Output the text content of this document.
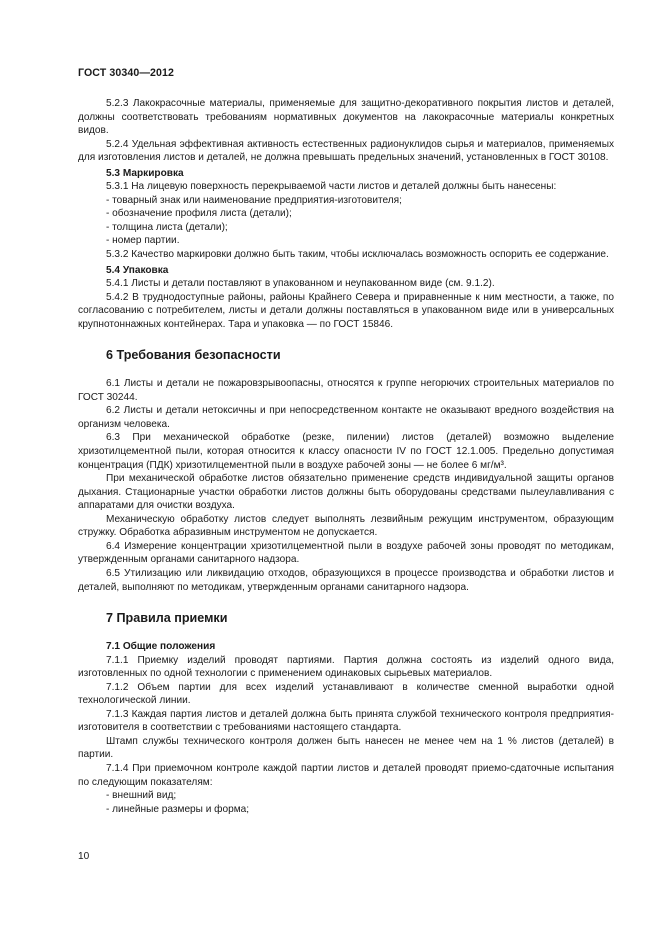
ГОСТ 30340—2012
5.2.3 Лакокрасочные материалы, применяемые для защитно-декоративного покрытия листов и деталей, должны соответствовать требованиям нормативных документов на лакокрасочные материалы конкретных видов.
5.2.4 Удельная эффективная активность естественных радионуклидов сырья и материалов, применяемых для изготовления листов и деталей, не должна превышать предельных значений, установленных в ГОСТ 30108.
5.3 Маркировка
5.3.1 На лицевую поверхность перекрываемой части листов и деталей должны быть нанесены:
- товарный знак или наименование предприятия-изготовителя;
- обозначение профиля листа (детали);
- толщина листа (детали);
- номер партии.
5.3.2 Качество маркировки должно быть таким, чтобы исключалась возможность оспорить ее содержание.
5.4 Упаковка
5.4.1 Листы и детали поставляют в упакованном и неупакованном виде (см. 9.1.2).
5.4.2 В труднодоступные районы, районы Крайнего Севера и приравненные к ним местности, а также, по согласованию с потребителем, листы и детали должны поставляться в упакованном виде или в универсальных крупнотоннажных контейнерах. Тара и упаковка — по ГОСТ 15846.
6 Требования безопасности
6.1 Листы и детали не пожаровзрывоопасны, относятся к группе негорючих строительных материалов по ГОСТ 30244.
6.2 Листы и детали нетоксичны и при непосредственном контакте не оказывают вредного воздействия на организм человека.
6.3 При механической обработке (резке, пилении) листов (деталей) возможно выделение хризотилцементной пыли, которая относится к классу опасности IV по ГОСТ 12.1.005. Предельно допустимая концентрация (ПДК) хризотилцементной пыли в воздухе рабочей зоны — не более 6 мг/м³.
При механической обработке листов обязательно применение средств индивидуальной защиты органов дыхания. Стационарные участки обработки листов должны быть оборудованы средствами пылеулавливания с аппаратами для очистки воздуха.
Механическую обработку листов следует выполнять лезвийным режущим инструментом, образующим стружку. Обработка абразивным инструментом не допускается.
6.4 Измерение концентрации хризотилцементной пыли в воздухе рабочей зоны проводят по методикам, утвержденным органами санитарного надзора.
6.5 Утилизацию или ликвидацию отходов, образующихся в процессе производства и обработки листов и деталей, выполняют по методикам, утвержденным органами санитарного надзора.
7 Правила приемки
7.1 Общие положения
7.1.1 Приемку изделий проводят партиями. Партия должна состоять из изделий одного вида, изготовленных по одной технологии с применением одинаковых сырьевых материалов.
7.1.2 Объем партии для всех изделий устанавливают в количестве сменной выработки одной технологической линии.
7.1.3 Каждая партия листов и деталей должна быть принята службой технического контроля предприятия-изготовителя в соответствии с требованиями настоящего стандарта.
Штамп службы технического контроля должен быть нанесен не менее чем на 1 % листов (деталей) в партии.
7.1.4 При приемочном контроле каждой партии листов и деталей проводят приемо-сдаточные испытания по следующим показателям:
- внешний вид;
- линейные размеры и форма;
10
